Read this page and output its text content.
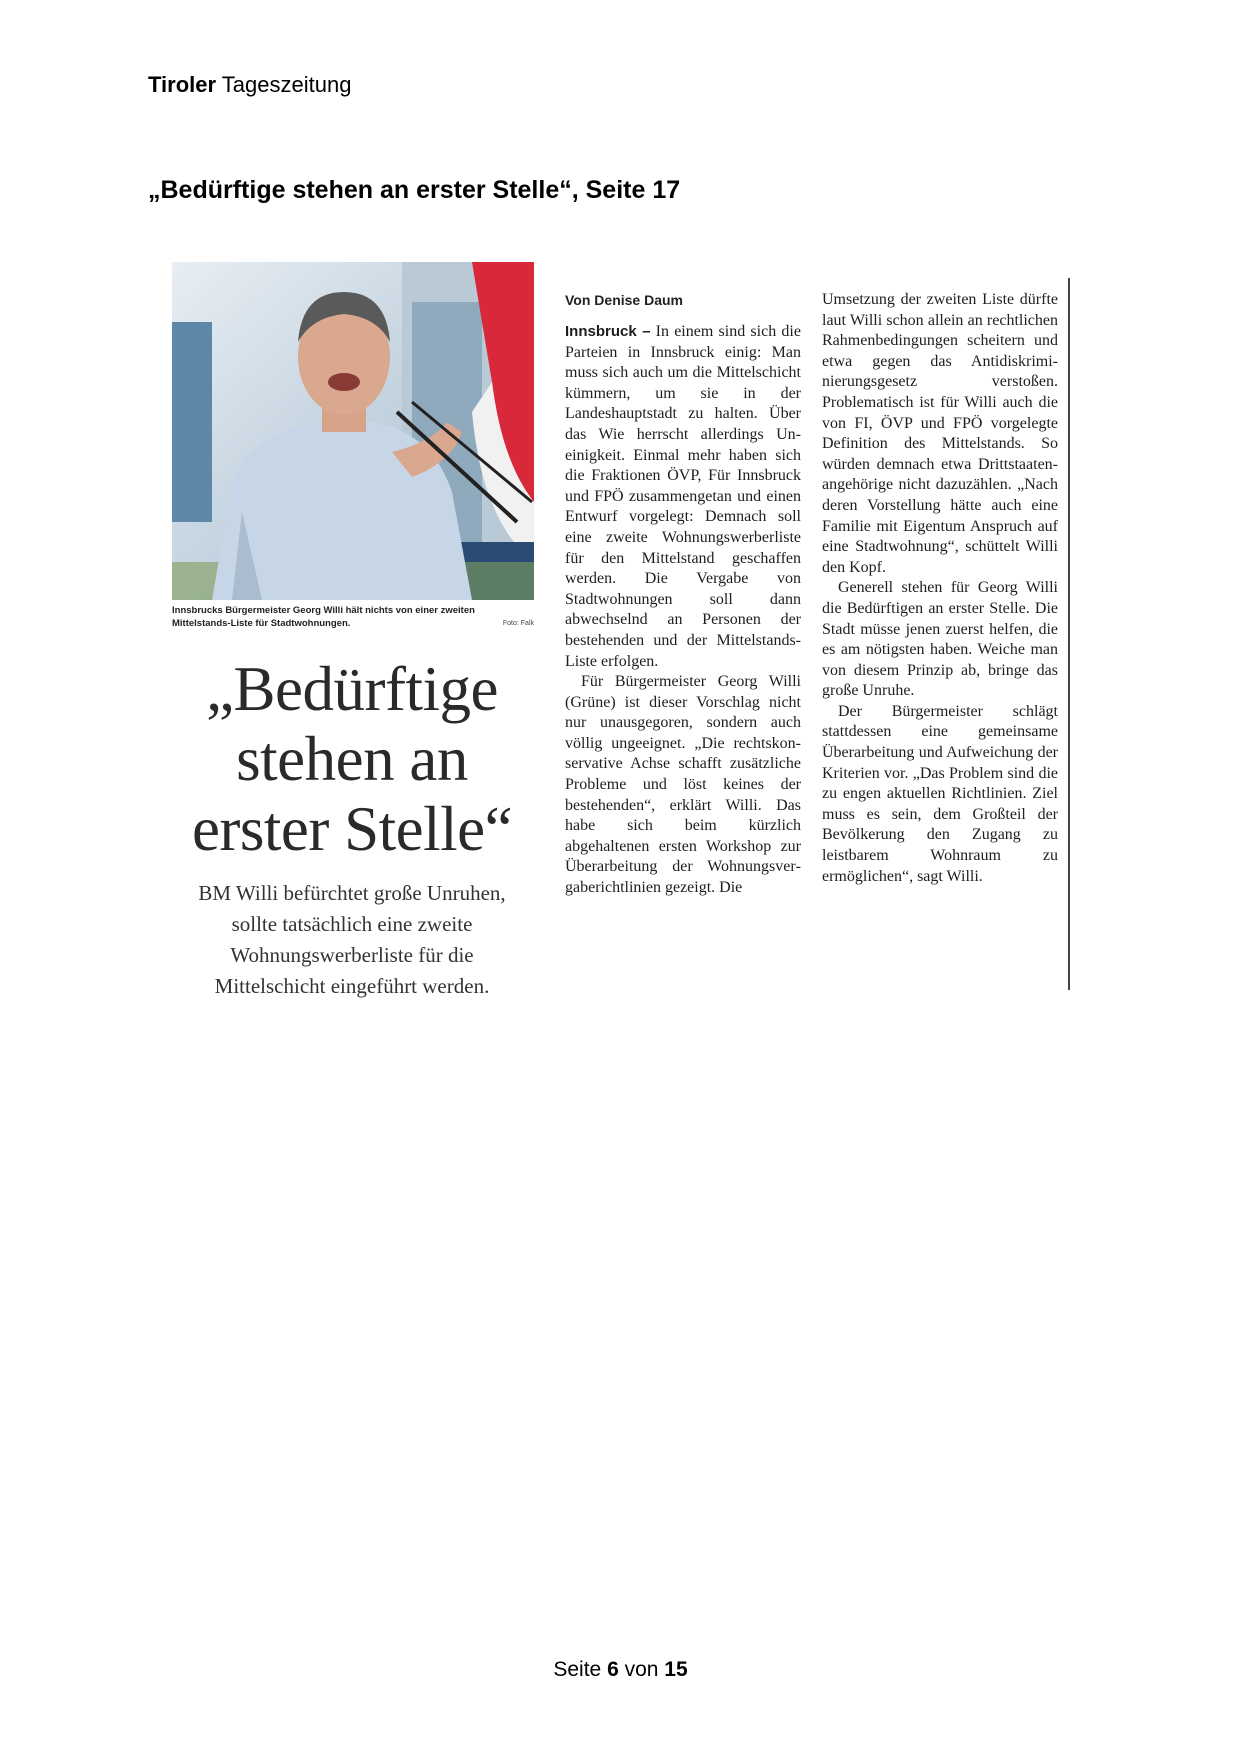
Tiroler Tageszeitung
„Bedürftige stehen an erster Stelle“, Seite 17
Innsbrucks Bürgermeister Georg Willi hält nichts von einer zweiten Mittelstands-Liste für Stadtwohnungen.	Foto: Falk
„Bedürftige
stehen an
erster Stelle“
BM Willi befürchtet große Unruhen,
sollte tatsächlich eine zweite
Wohnungswerberliste für die
Mittelschicht eingeführt werden.
Von Denise Daum

Innsbruck – In einem sind sich die Parteien in Innsbruck einig: Man muss sich auch um die Mittelschicht kümmern, um sie in der Landeshauptstadt zu halten. Über das Wie herrscht allerdings Uneinigkeit. Einmal mehr haben sich die Fraktionen ÖVP, Für Innsbruck und FPÖ zusammengetan und einen Entwurf vorgelegt: Demnach soll eine zweite Wohnungswerberliste für den Mittelstand geschaffen werden. Die Vergabe von Stadtwohnungen soll dann abwechselnd an Personen der bestehenden und der Mittelstands-Liste erfolgen.

Für Bürgermeister Georg Willi (Grüne) ist dieser Vorschlag nicht nur unausgegoren, sondern auch völlig ungeeignet. „Die rechtskonservative Achse schafft zusätzliche Probleme und löst keines der bestehenden“, erklärt Willi. Das habe sich beim kürzlich abgehaltenen ersten Workshop zur Überarbeitung der Wohnungsvergaberichtlinien gezeigt. Die

Umsetzung der zweiten Liste dürfte laut Willi schon allein an rechtlichen Rahmenbedingungen scheitern und etwa gegen das Antidiskriminierungsgesetz verstoßen. Problematisch ist für Willi auch die von FI, ÖVP und FPÖ vorgelegte Definition des Mittelstands. So würden demnach etwa Drittstaatenangehörige nicht dazuzählen. „Nach deren Vorstellung hätte auch eine Familie mit Eigentum Anspruch auf eine Stadtwohnung“, schüttelt Willi den Kopf.

Generell stehen für Georg Willi die Bedürftigen an erster Stelle. Die Stadt müsse jenen zuerst helfen, die es am nötigsten haben. Weiche man von diesem Prinzip ab, bringe das große Unruhe.

Der Bürgermeister schlägt stattdessen eine gemeinsame Überarbeitung und Aufweichung der Kriterien vor. „Das Problem sind die zu engen aktuellen Richtlinien. Ziel muss es sein, dem Großteil der Bevölkerung den Zugang zu leistbarem Wohnraum zu ermöglichen“, sagt Willi.

Seite 6 von 15
